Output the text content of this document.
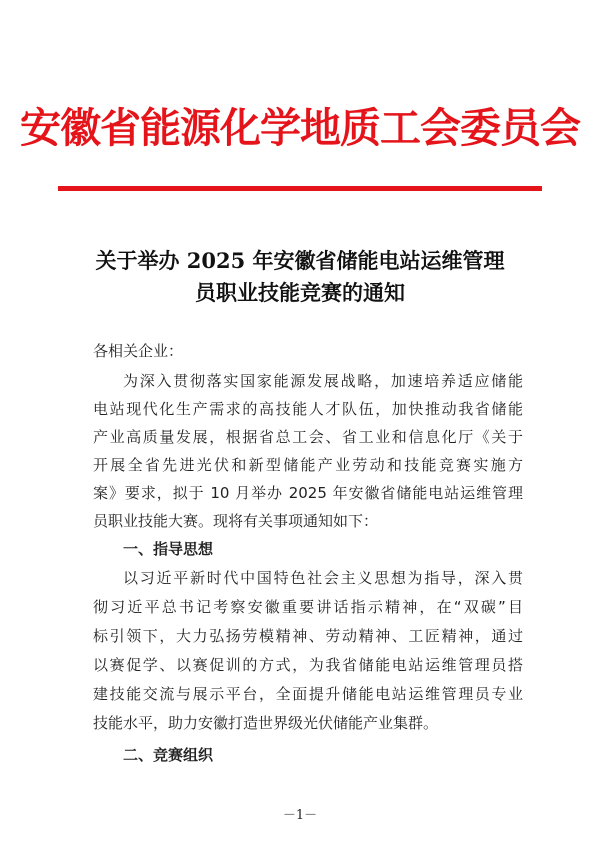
安徽省能源化学地质工会委员会
关于举办 2025 年安徽省储能电站运维管理
员职业技能竞赛的通知
各相关企业：
为深入贯彻落实国家能源发展战略，加速培养适应储能
电站现代化生产需求的高技能人才队伍，加快推动我省储能
产业高质量发展，根据省总工会、省工业和信息化厅《关于
开展全省先进光伏和新型储能产业劳动和技能竞赛实施方
案》要求，拟于 10 月举办 2025 年安徽省储能电站运维管理
员职业技能大赛。现将有关事项通知如下：
一、指导思想
以习近平新时代中国特色社会主义思想为指导，深入贯
彻习近平总书记考察安徽重要讲话指示精神，在“双碳”目
标引领下，大力弘扬劳模精神、劳动精神、工匠精神，通过
以赛促学、以赛促训的方式，为我省储能电站运维管理员搭
建技能交流与展示平台，全面提升储能电站运维管理员专业
技能水平，助力安徽打造世界级光伏储能产业集群。
二、竞赛组织
－1－
